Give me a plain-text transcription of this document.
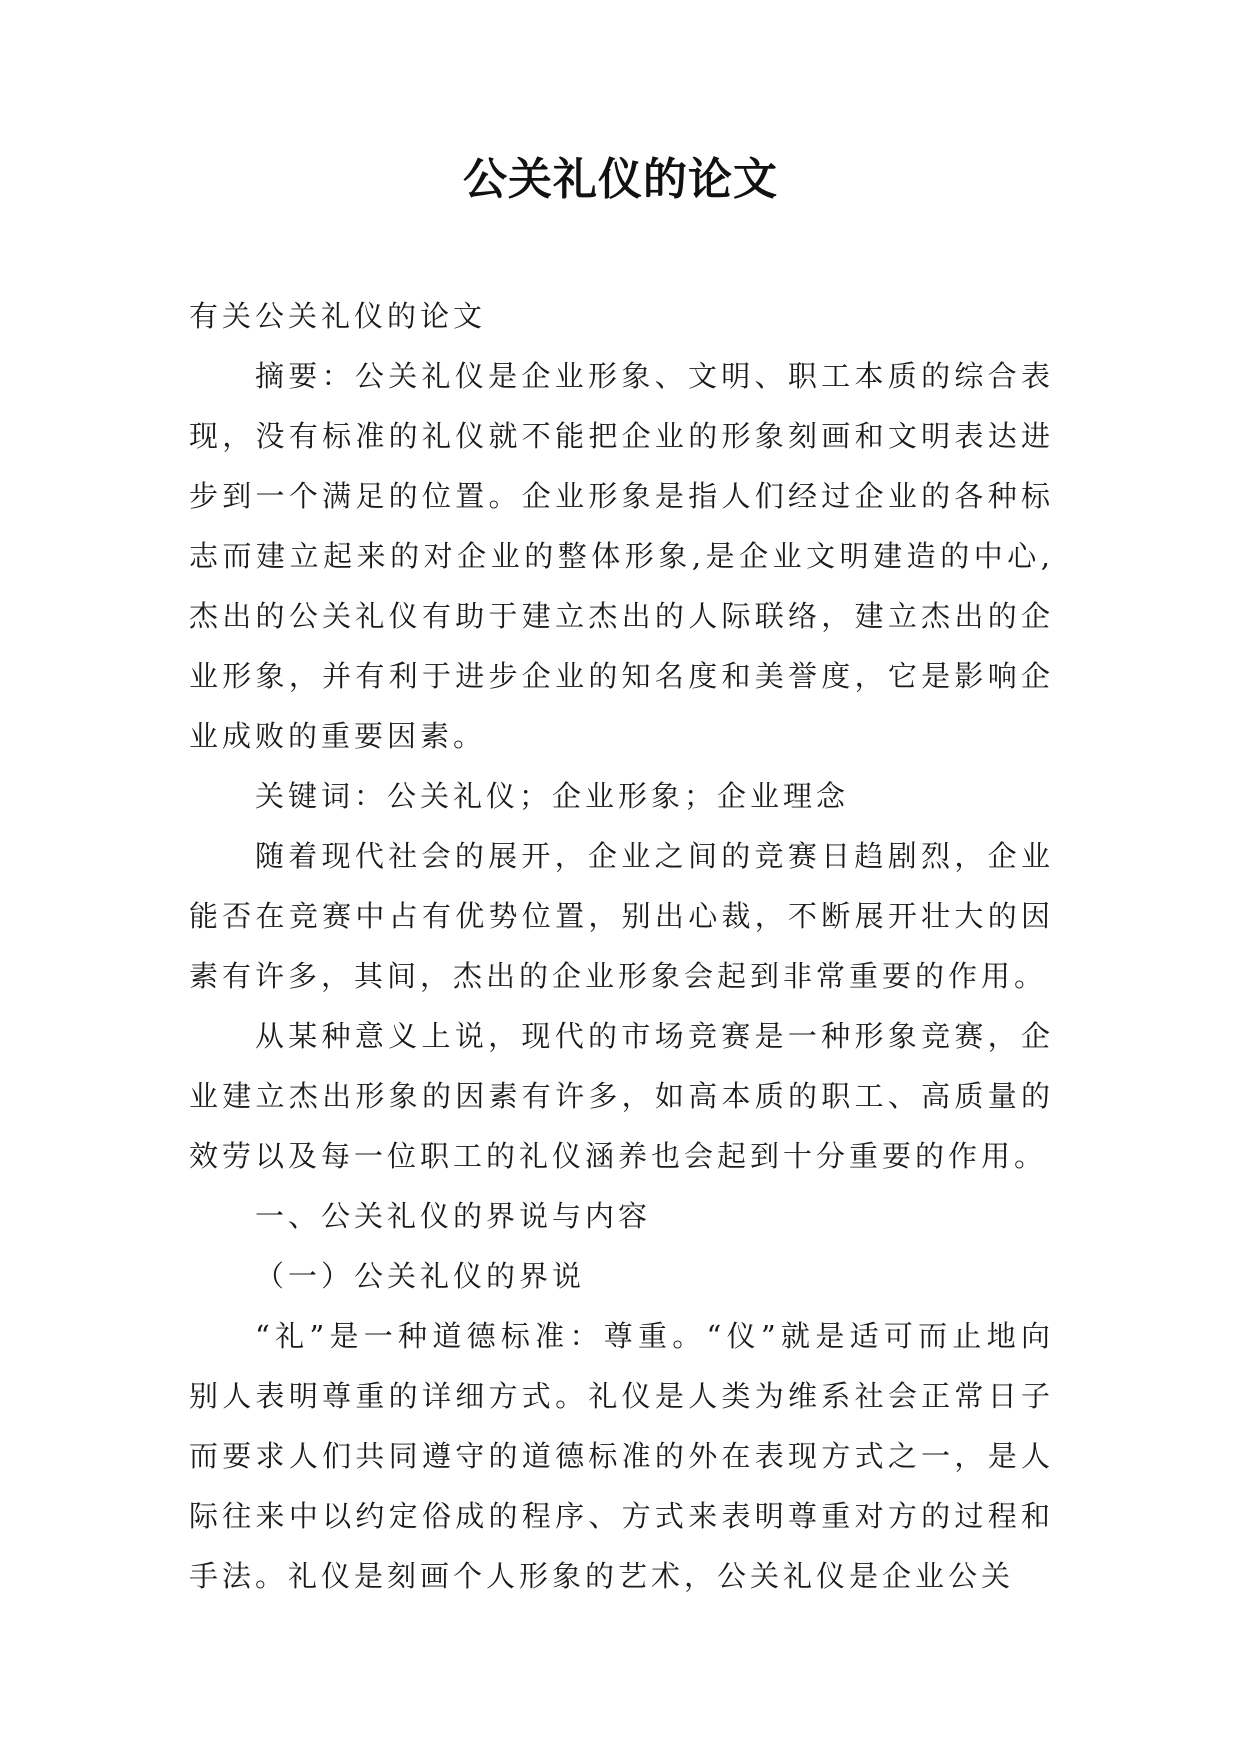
公关礼仪的论文

有关公关礼仪的论文

摘要：公关礼仪是企业形象、文明、职工本质的综合表现，没有标准的礼仪就不能把企业的形象刻画和文明表达进步到一个满足的位置。企业形象是指人们经过企业的各种标志而建立起来的对企业的整体形象,是企业文明建造的中心,杰出的公关礼仪有助于建立杰出的人际联络，建立杰出的企业形象，并有利于进步企业的知名度和美誉度，它是影响企业成败的重要因素。

关键词：公关礼仪；企业形象；企业理念

随着现代社会的展开，企业之间的竞赛日趋剧烈，企业能否在竞赛中占有优势位置，别出心裁，不断展开壮大的因素有许多，其间，杰出的企业形象会起到非常重要的作用。

从某种意义上说，现代的市场竞赛是一种形象竞赛，企业建立杰出形象的因素有许多，如高本质的职工、高质量的效劳以及每一位职工的礼仪涵养也会起到十分重要的作用。

一、公关礼仪的界说与内容

（一）公关礼仪的界说

“礼”是一种道德标准：尊重。“仪”就是适可而止地向别人表明尊重的详细方式。礼仪是人类为维系社会正常日子而要求人们共同遵守的道德标准的外在表现方式之一，是人际往来中以约定俗成的程序、方式来表明尊重对方的过程和手法。礼仪是刻画个人形象的艺术，公关礼仪是企业公关
